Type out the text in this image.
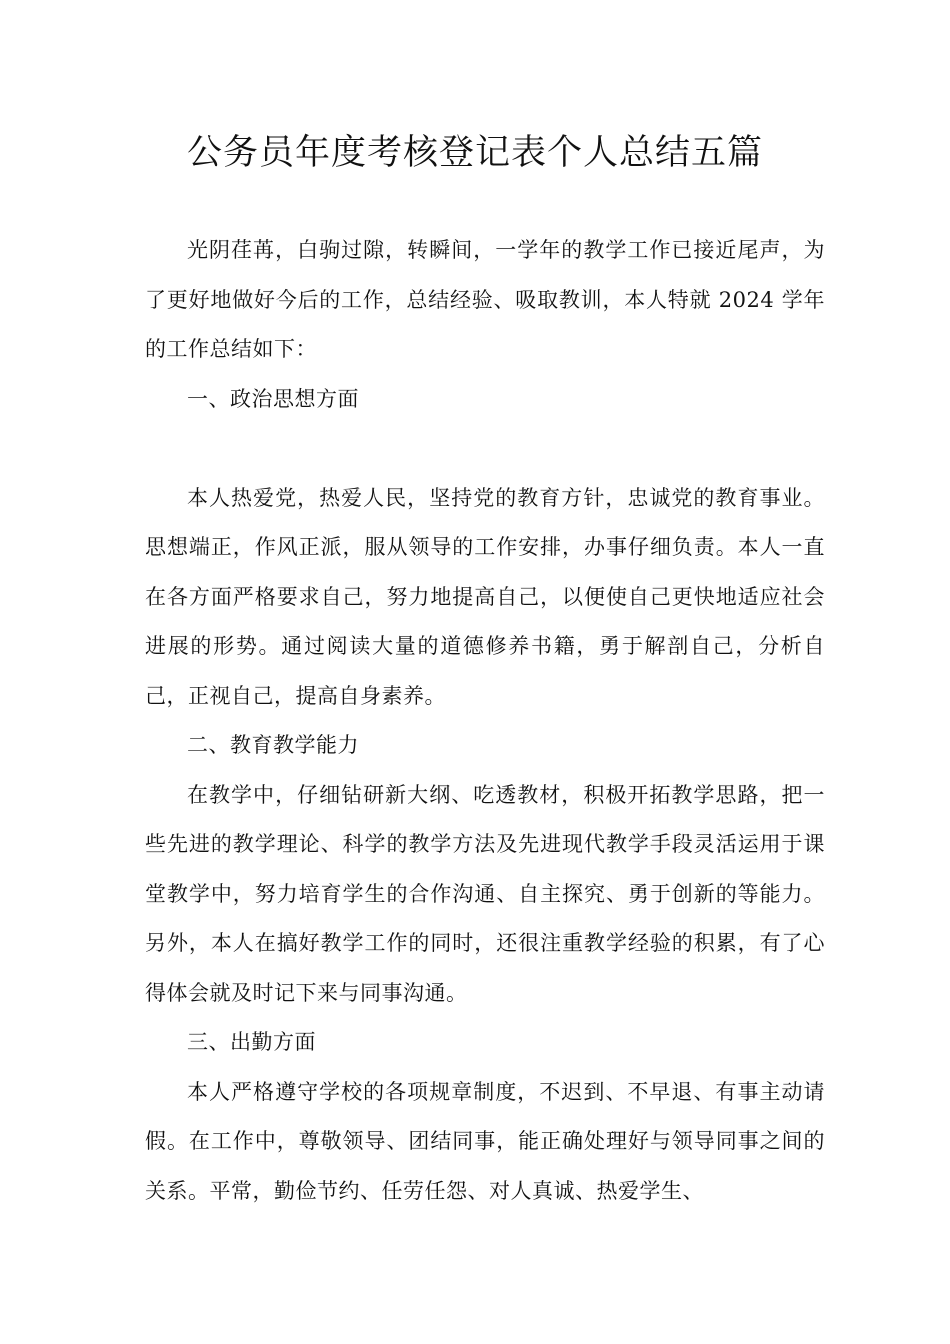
公务员年度考核登记表个人总结五篇

光阴荏苒，白驹过隙，转瞬间，一学年的教学工作已接近尾声，为了更好地做好今后的工作，总结经验、吸取教训，本人特就 2024 学年的工作总结如下：

一、政治思想方面

本人热爱党，热爱人民，坚持党的教育方针，忠诚党的教育事业。思想端正，作风正派，服从领导的工作安排，办事仔细负责。本人一直在各方面严格要求自己，努力地提高自己，以便使自己更快地适应社会进展的形势。通过阅读大量的道德修养书籍，勇于解剖自己，分析自己，正视自己，提高自身素养。

二、教育教学能力

在教学中，仔细钻研新大纲、吃透教材，积极开拓教学思路，把一些先进的教学理论、科学的教学方法及先进现代教学手段灵活运用于课堂教学中，努力培育学生的合作沟通、自主探究、勇于创新的等能力。另外，本人在搞好教学工作的同时，还很注重教学经验的积累，有了心得体会就及时记下来与同事沟通。

三、出勤方面

本人严格遵守学校的各项规章制度，不迟到、不早退、有事主动请假。在工作中，尊敬领导、团结同事，能正确处理好与领导同事之间的关系。平常，勤俭节约、任劳任怨、对人真诚、热爱学生、
